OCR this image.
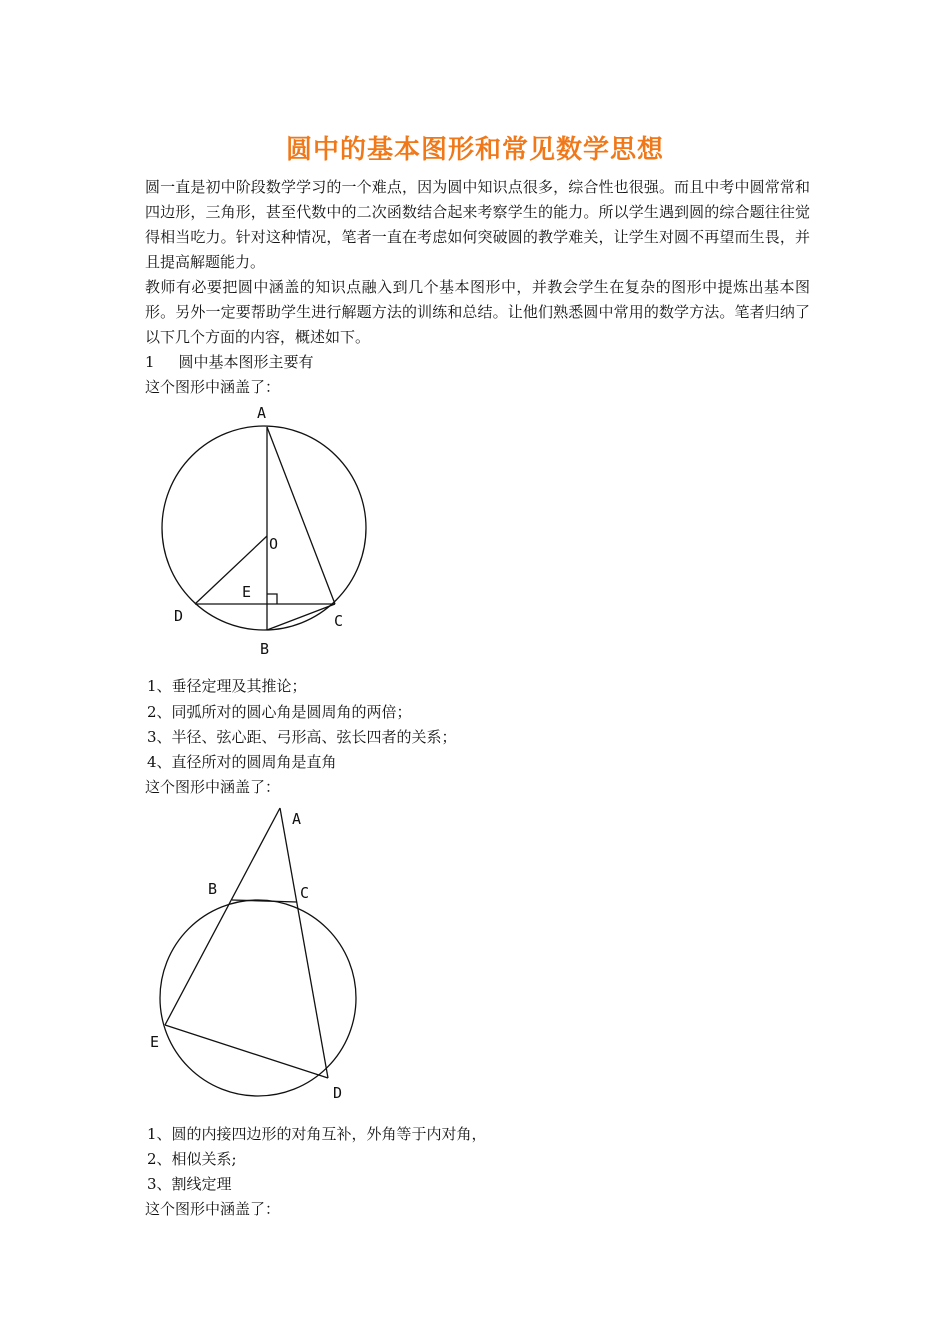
圆中的基本图形和常见数学思想

圆一直是初中阶段数学学习的一个难点，因为圆中知识点很多，综合性也很强。而且中考中圆常常和四边形，三角形，甚至代数中的二次函数结合起来考察学生的能力。所以学生遇到圆的综合题往往觉得相当吃力。针对这种情况，笔者一直在考虑如何突破圆的教学难关，让学生对圆不再望而生畏，并且提高解题能力。

教师有必要把圆中涵盖的知识点融入到几个基本图形中，并教会学生在复杂的图形中提炼出基本图形。另外一定要帮助学生进行解题方法的训练和总结。让他们熟悉圆中常用的数学方法。笔者归纳了以下几个方面的内容，概述如下。

1 圆中基本图形主要有
这个图形中涵盖了：
A
O
E
D	C
B
1、垂径定理及其推论；
2、同弧所对的圆心角是圆周角的两倍；
3、半径、弦心距、弓形高、弦长四者的关系；
4、直径所对的圆周角是直角
这个图形中涵盖了：
A
B	C
E
D
1、圆的内接四边形的对角互补，外角等于内对角，
2、相似关系;
3、割线定理
这个图形中涵盖了：
